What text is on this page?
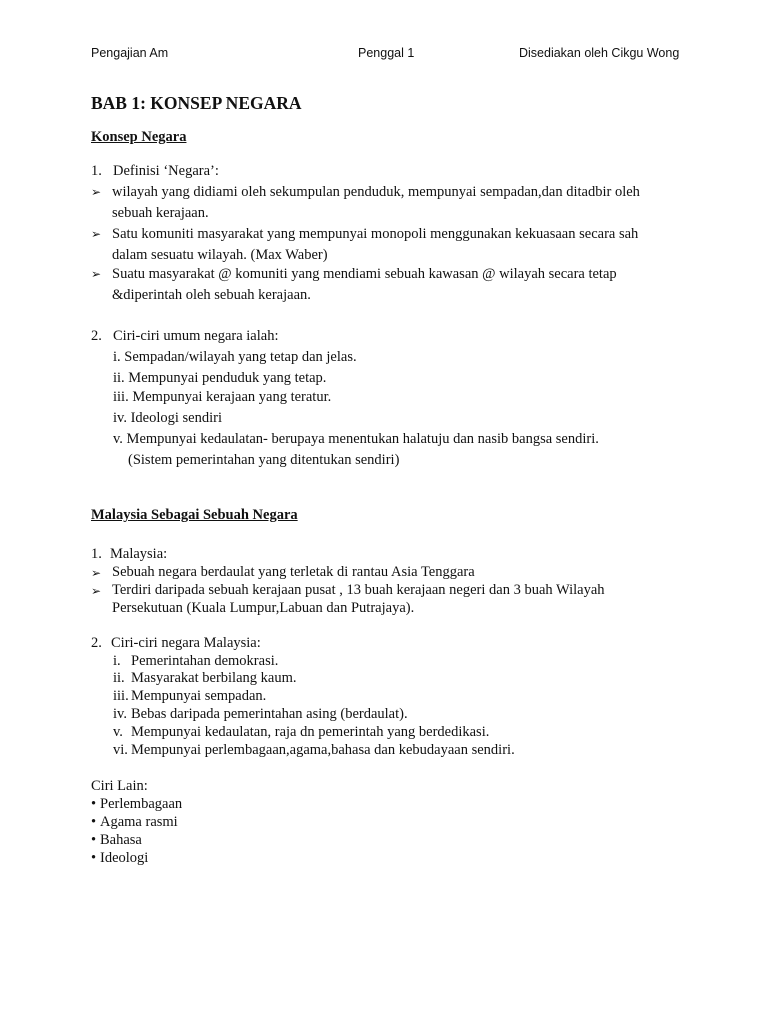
Pengajian Am	Penggal 1	Disediakan oleh Cikgu Wong
BAB 1: KONSEP NEGARA
Konsep Negara
1. Definisi ‘Negara’:
➢ wilayah yang didiami oleh sekumpulan penduduk, mempunyai sempadan,dan ditadbir oleh
sebuah kerajaan.
➢ Satu komuniti masyarakat yang mempunyai monopoli menggunakan kekuasaan secara sah
dalam sesuatu wilayah. (Max Waber)
➢ Suatu masyarakat @ komuniti yang mendiami sebuah kawasan @ wilayah secara tetap
&diperintah oleh sebuah kerajaan.
2. Ciri-ciri umum negara ialah:
i. Sempadan/wilayah yang tetap dan jelas.
ii. Mempunyai penduduk yang tetap.
iii. Mempunyai kerajaan yang teratur.
iv. Ideologi sendiri
v. Mempunyai kedaulatan- berupaya menentukan halatuju dan nasib bangsa sendiri.
(Sistem pemerintahan yang ditentukan sendiri)
Malaysia Sebagai Sebuah Negara
1. Malaysia:
➢ Sebuah negara berdaulat yang terletak di rantau Asia Tenggara
➢ Terdiri daripada sebuah kerajaan pusat , 13 buah kerajaan negeri dan 3 buah Wilayah
Persekutuan (Kuala Lumpur,Labuan dan Putrajaya).
2. Ciri-ciri negara Malaysia:
i. Pemerintahan demokrasi.
ii. Masyarakat berbilang kaum.
iii. Mempunyai sempadan.
iv. Bebas daripada pemerintahan asing (berdaulat).
v. Mempunyai kedaulatan, raja dn pemerintah yang berdedikasi.
vi. Mempunyai perlembagaan,agama,bahasa dan kebudayaan sendiri.
Ciri Lain:
• Perlembagaan
• Agama rasmi
• Bahasa
• Ideologi
